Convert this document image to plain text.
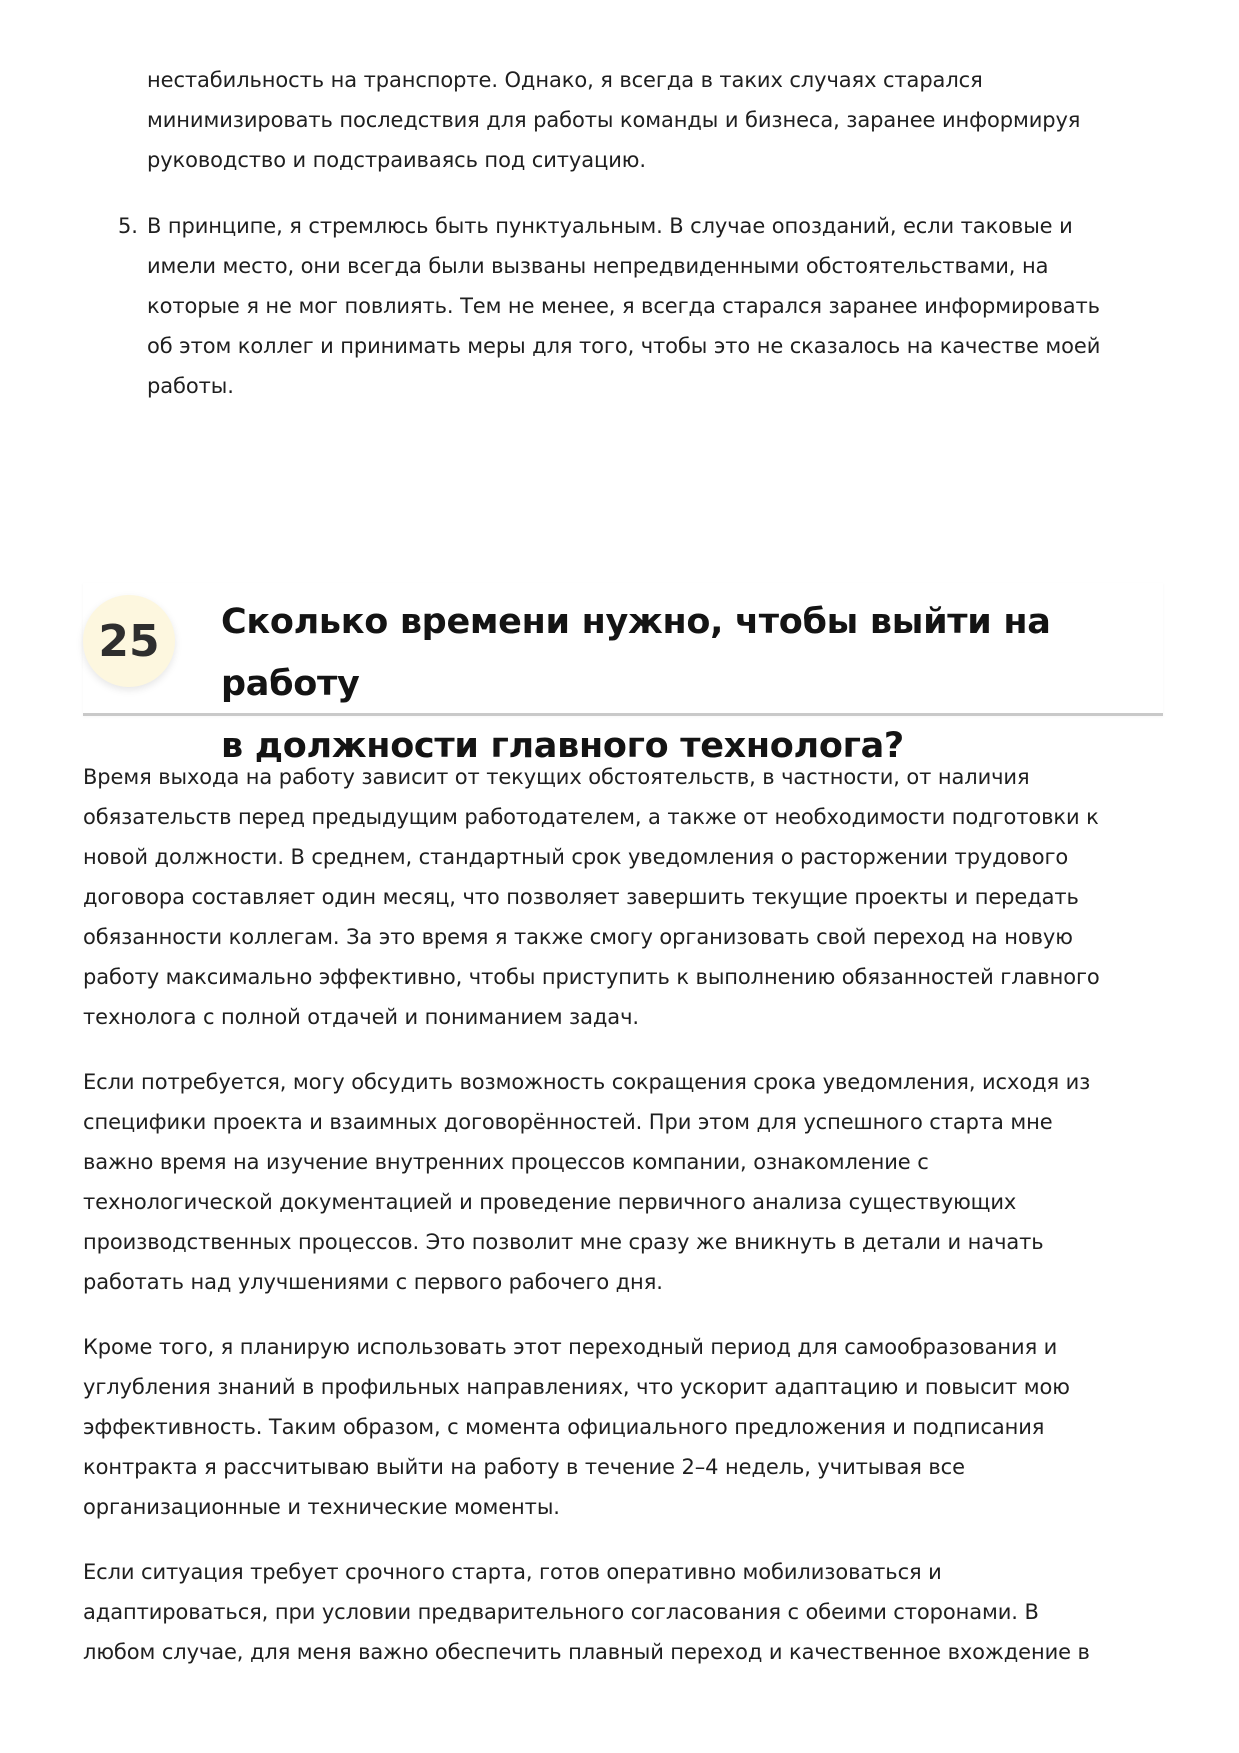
нестабильность на транспорте. Однако, я всегда в таких случаях старался
минимизировать последствия для работы команды и бизнеса, заранее информируя
руководство и подстраиваясь под ситуацию.
5. В принципе, я стремлюсь быть пунктуальным. В случае опозданий, если таковые и
имели место, они всегда были вызваны непредвиденными обстоятельствами, на
которые я не мог повлиять. Тем не менее, я всегда старался заранее информировать
об этом коллег и принимать меры для того, чтобы это не сказалось на качестве моей
работы.
25	Сколько времени нужно, чтобы выйти на работу
в должности главного технолога?
Время выхода на работу зависит от текущих обстоятельств, в частности, от наличия
обязательств перед предыдущим работодателем, а также от необходимости подготовки к
новой должности. В среднем, стандартный срок уведомления о расторжении трудового
договора составляет один месяц, что позволяет завершить текущие проекты и передать
обязанности коллегам. За это время я также смогу организовать свой переход на новую
работу максимально эффективно, чтобы приступить к выполнению обязанностей главного
технолога с полной отдачей и пониманием задач.
Если потребуется, могу обсудить возможность сокращения срока уведомления, исходя из
специфики проекта и взаимных договорённостей. При этом для успешного старта мне
важно время на изучение внутренних процессов компании, ознакомление с
технологической документацией и проведение первичного анализа существующих
производственных процессов. Это позволит мне сразу же вникнуть в детали и начать
работать над улучшениями с первого рабочего дня.
Кроме того, я планирую использовать этот переходный период для самообразования и
углубления знаний в профильных направлениях, что ускорит адаптацию и повысит мою
эффективность. Таким образом, с момента официального предложения и подписания
контракта я рассчитываю выйти на работу в течение 2–4 недель, учитывая все
организационные и технические моменты.
Если ситуация требует срочного старта, готов оперативно мобилизоваться и
адаптироваться, при условии предварительного согласования с обеими сторонами. В
любом случае, для меня важно обеспечить плавный переход и качественное вхождение в
